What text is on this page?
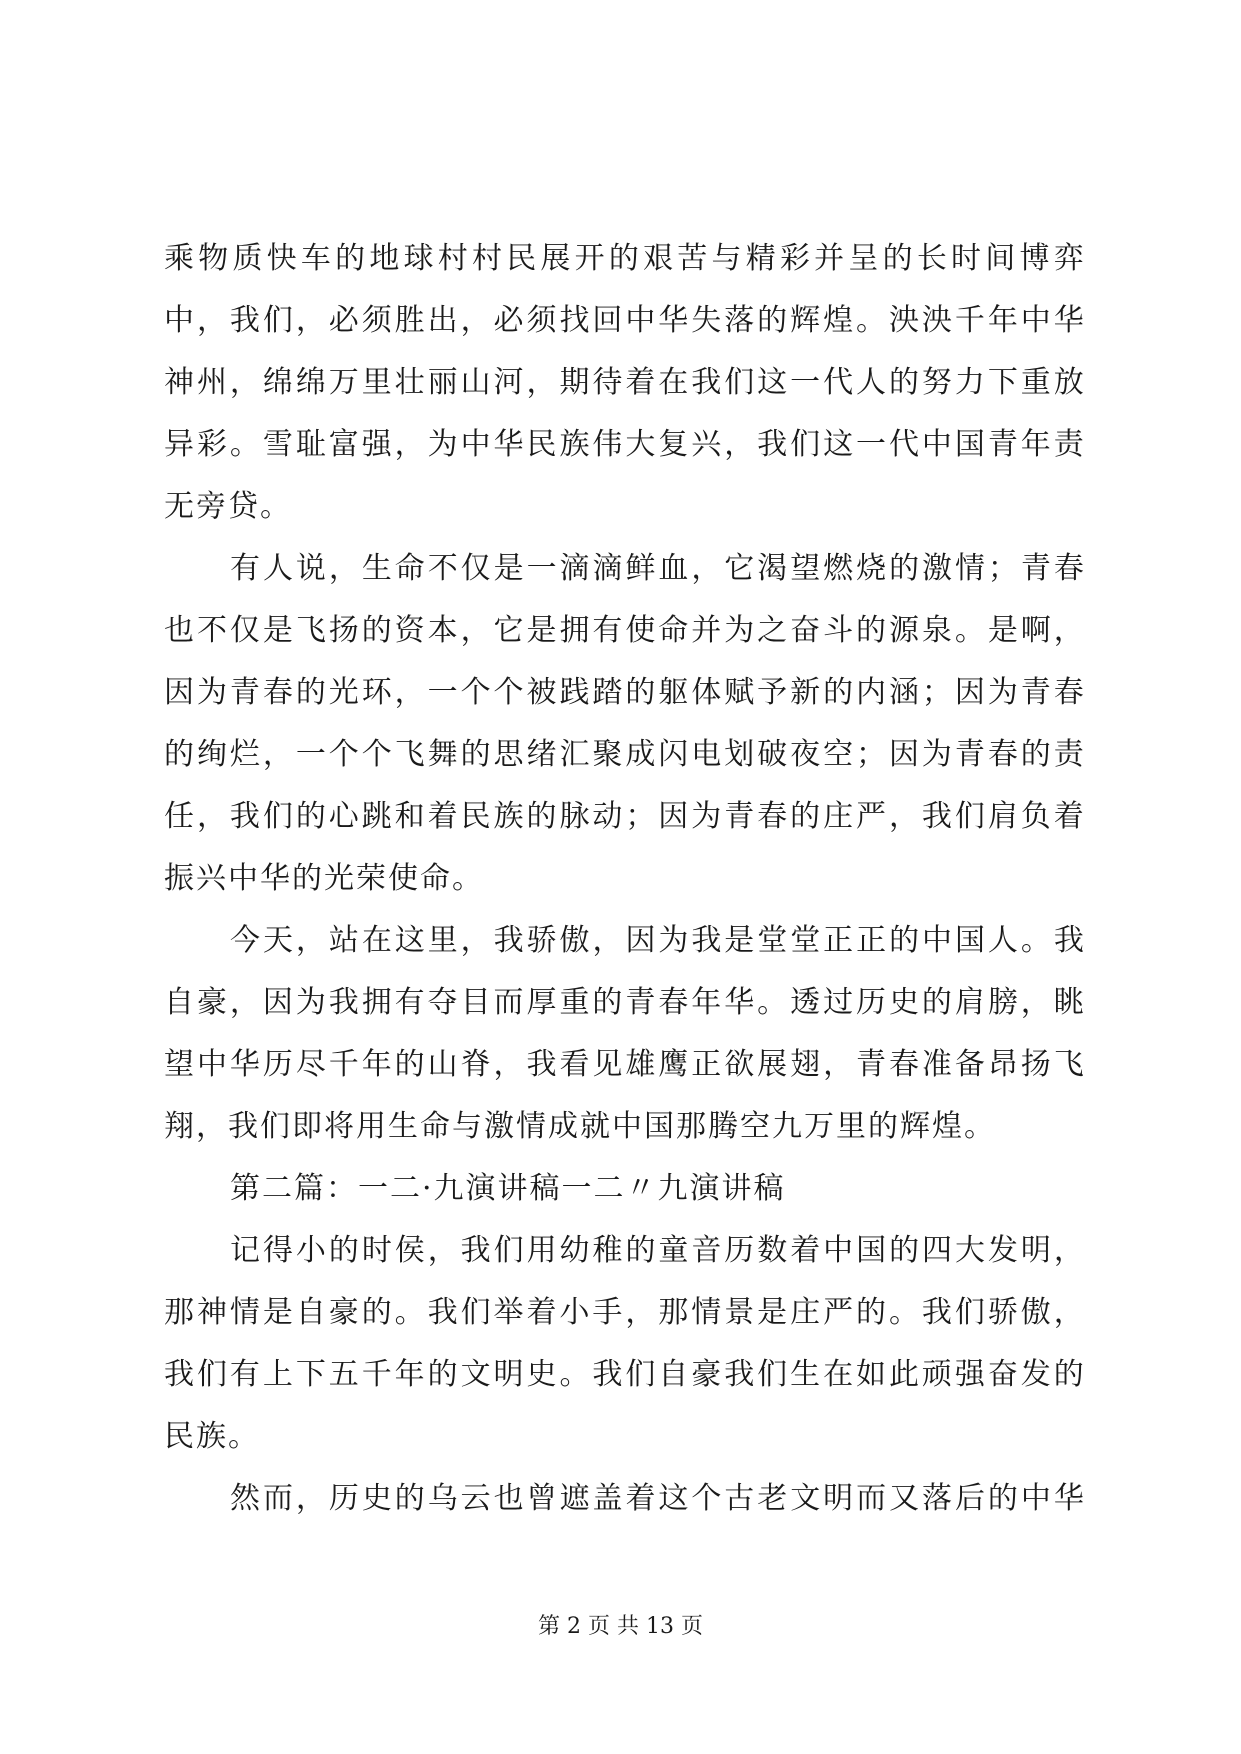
乘 物 质 快 车 的 地 球 村 村 民 展 开 的 艰 苦 与 精 彩 并 呈 的 长 时 间 博 弈
中 ， 我 们 ， 必 须 胜 出 ， 必 须 找 回 中 华 失 落 的 辉 煌 。 泱 泱 千 年 中 华
神 州 ， 绵 绵 万 里 壮 丽 山 河 ， 期 待 着 在 我 们 这 一 代 人 的 努 力 下 重 放
异 彩 。 雪 耻 富 强 ， 为 中 华 民 族 伟 大 复 兴 ， 我 们 这 一 代 中 国 青 年 责
无旁贷。
有 人 说 ， 生 命 不 仅 是 一 滴 滴 鲜 血 ， 它 渴 望 燃 烧 的 激 情 ； 青 春
也 不 仅 是 飞 扬 的 资 本 ， 它 是 拥 有 使 命 并 为 之 奋 斗 的 源 泉 。 是 啊 ，
因 为 青 春 的 光 环 ， 一 个 个 被 践 踏 的 躯 体 赋 予 新 的 内 涵 ； 因 为 青 春
的 绚 烂 ， 一 个 个 飞 舞 的 思 绪 汇 聚 成 闪 电 划 破 夜 空 ； 因 为 青 春 的 责
任 ， 我 们 的 心 跳 和 着 民 族 的 脉 动 ； 因 为 青 春 的 庄 严 ， 我 们 肩 负 着
振兴中华的光荣使命。
今 天 ， 站 在 这 里 ， 我 骄 傲 ， 因 为 我 是 堂 堂 正 正 的 中 国 人 。 我
自 豪 ， 因 为 我 拥 有 夺 目 而 厚 重 的 青 春 年 华 。 透 过 历 史 的 肩 膀 ， 眺
望 中 华 历 尽 千 年 的 山 脊 ， 我 看 见 雄 鹰 正 欲 展 翅 ， 青 春 准 备 昂 扬 飞
翔，我们即将用生命与激情成就中国那腾空九万里的辉煌。
第二篇：一二·九演讲稿一二〃九演讲稿
记 得 小 的 时 侯 ， 我 们 用 幼 稚 的 童 音 历 数 着 中 国 的 四 大 发 明 ，
那 神 情 是 自 豪 的 。 我 们 举 着 小 手 ， 那 情 景 是 庄 严 的 。 我 们 骄 傲 ，
我 们 有 上 下 五 千 年 的 文 明 史 。 我 们 自 豪 我 们 生 在 如 此 顽 强 奋 发 的
民族。
然 而 ， 历 史 的 乌 云 也 曾 遮 盖 着 这 个 古 老 文 明 而 又 落 后 的 中 华
第 2 页 共 13 页
